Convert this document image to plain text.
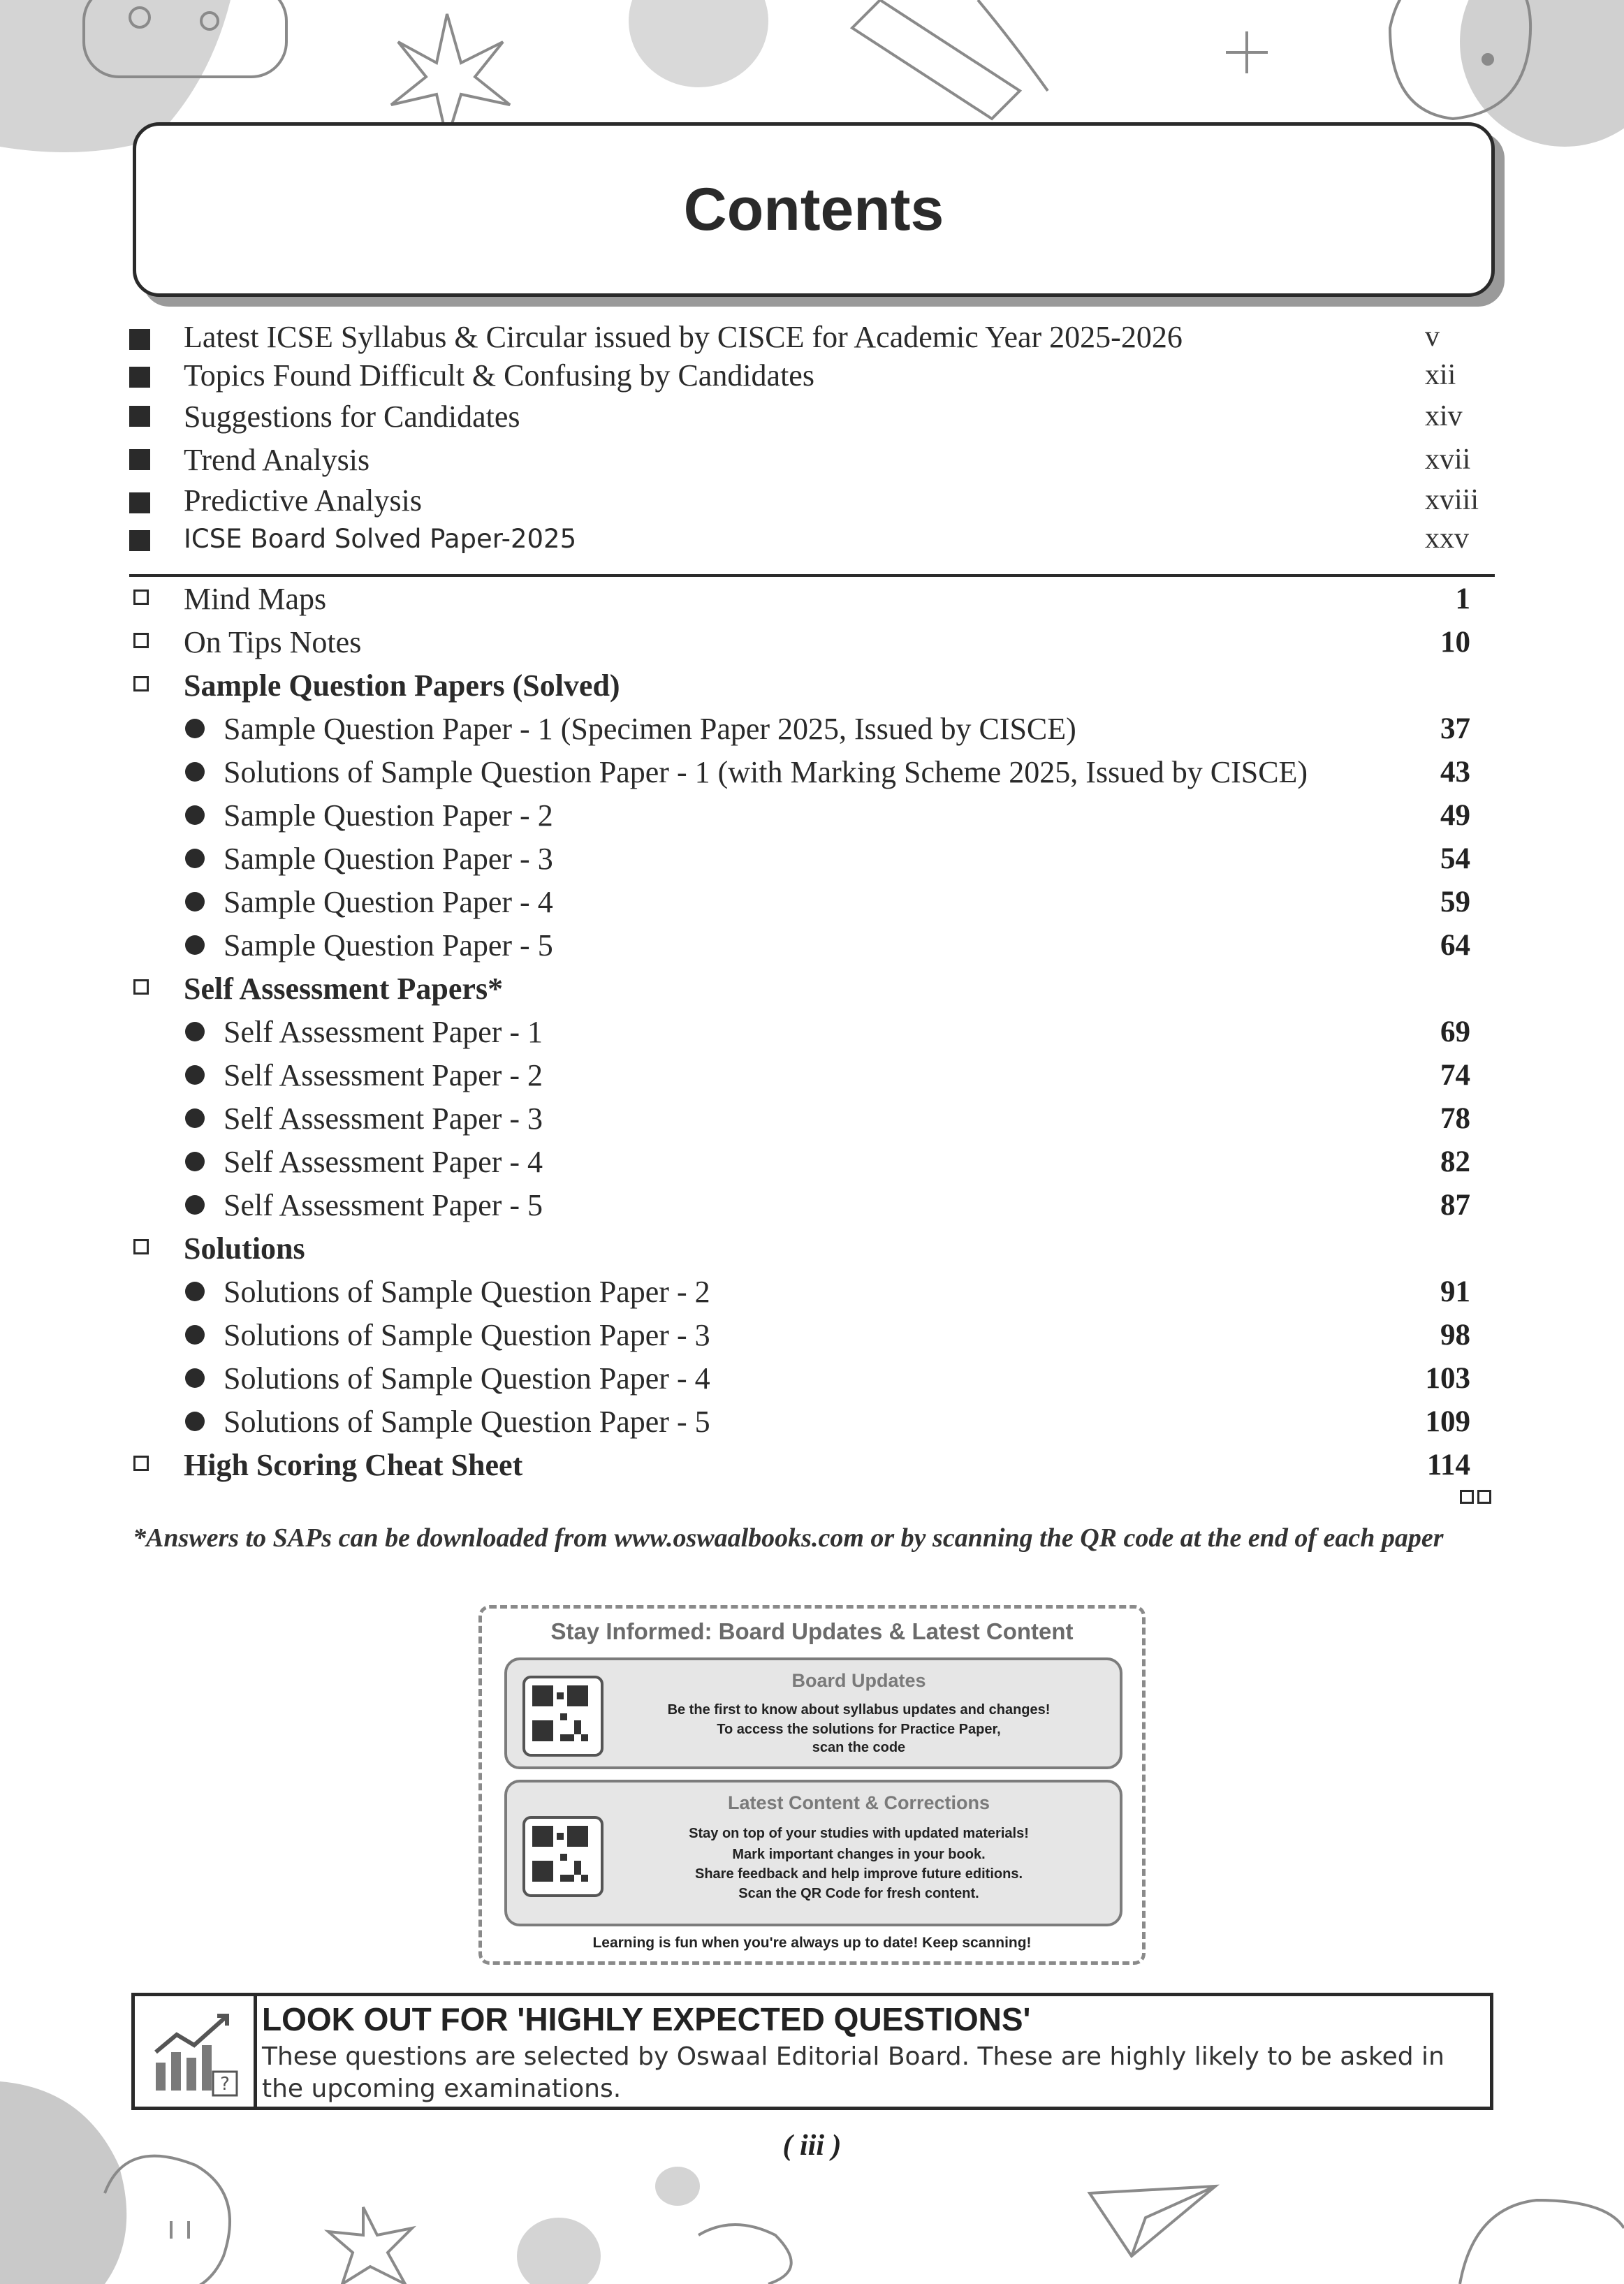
Contents
Latest ICSE Syllabus & Circular issued by CISCE for Academic Year 2025-2026	v
Topics Found Difficult & Confusing by Candidates	xii
Suggestions for Candidates	xiv
Trend Analysis	xvii
Predictive Analysis	xviii
ICSE Board Solved Paper-2025	xxv
Mind Maps	1
On Tips Notes	10
Sample Question Papers (Solved)
Sample Question Paper - 1 (Specimen Paper 2025, Issued by CISCE)	37
Solutions of Sample Question Paper - 1 (with Marking Scheme 2025, Issued by CISCE)	43
Sample Question Paper - 2	49
Sample Question Paper - 3	54
Sample Question Paper - 4	59
Sample Question Paper - 5	64
Self Assessment Papers*
Self Assessment Paper - 1	69
Self Assessment Paper - 2	74
Self Assessment Paper - 3	78
Self Assessment Paper - 4	82
Self Assessment Paper - 5	87
Solutions
Solutions of Sample Question Paper - 2	91
Solutions of Sample Question Paper - 3	98
Solutions of Sample Question Paper - 4	103
Solutions of Sample Question Paper - 5	109
High Scoring Cheat Sheet	114
*Answers to SAPs can be downloaded from www.oswaalbooks.com or by scanning the QR code at the end of each paper
Stay Informed: Board Updates & Latest Content
Board Updates
Be the first to know about syllabus updates and changes!
To access the solutions for Practice Paper,
scan the code
Latest Content & Corrections
Stay on top of your studies with updated materials!
Mark important changes in your book.
Share feedback and help improve future editions.
Scan the QR Code for fresh content.
Learning is fun when you're always up to date! Keep scanning!
?
LOOK OUT FOR 'HIGHLY EXPECTED QUESTIONS'
These questions are selected by Oswaal Editorial Board. These are highly likely to be asked in the upcoming examinations.
( iii )
